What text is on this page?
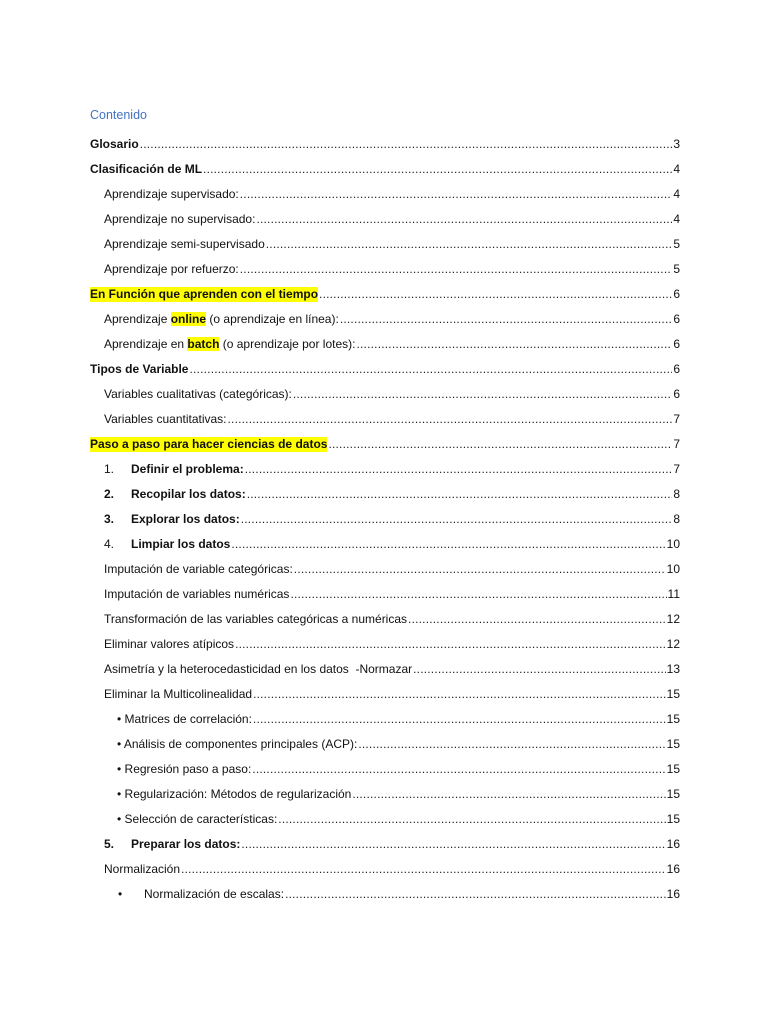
Contenido
Glosario .....	3
Clasificación de ML .....	4
Aprendizaje supervisado: .....	4
Aprendizaje no supervisado: .....	4
Aprendizaje semi-supervisado .....	5
Aprendizaje por refuerzo: .....	5
En Función que aprenden con el tiempo .....	6
Aprendizaje online (o aprendizaje en línea): .....	6
Aprendizaje en batch (o aprendizaje por lotes): .....	6
Tipos de Variable .....	6
Variables cualitativas (categóricas): .....	6
Variables cuantitativas: .....	7
Paso a paso para hacer ciencias de datos .....	7
1.	Definir el problema: .....	7
2.	Recopilar los datos: .....	8
3.	Explorar los datos: .....	8
4.	Limpiar los datos .....	10
Imputación de variable categóricas: .....	10
Imputación de variables numéricas .....	11
Transformación de las variables categóricas a numéricas .....	12
Eliminar valores atípicos .....	12
Asimetría y la heterocedasticidad en los datos  -Normazar .....	13
Eliminar la Multicolinealidad .....	15
• Matrices de correlación: .....	15
• Análisis de componentes principales (ACP): .....	15
• Regresión paso a paso: .....	15
• Regularización: Métodos de regularización .....	15
• Selección de características: .....	15
5.	Preparar los datos: .....	16
Normalización .....	16
•	Normalización de escalas: .....	16
